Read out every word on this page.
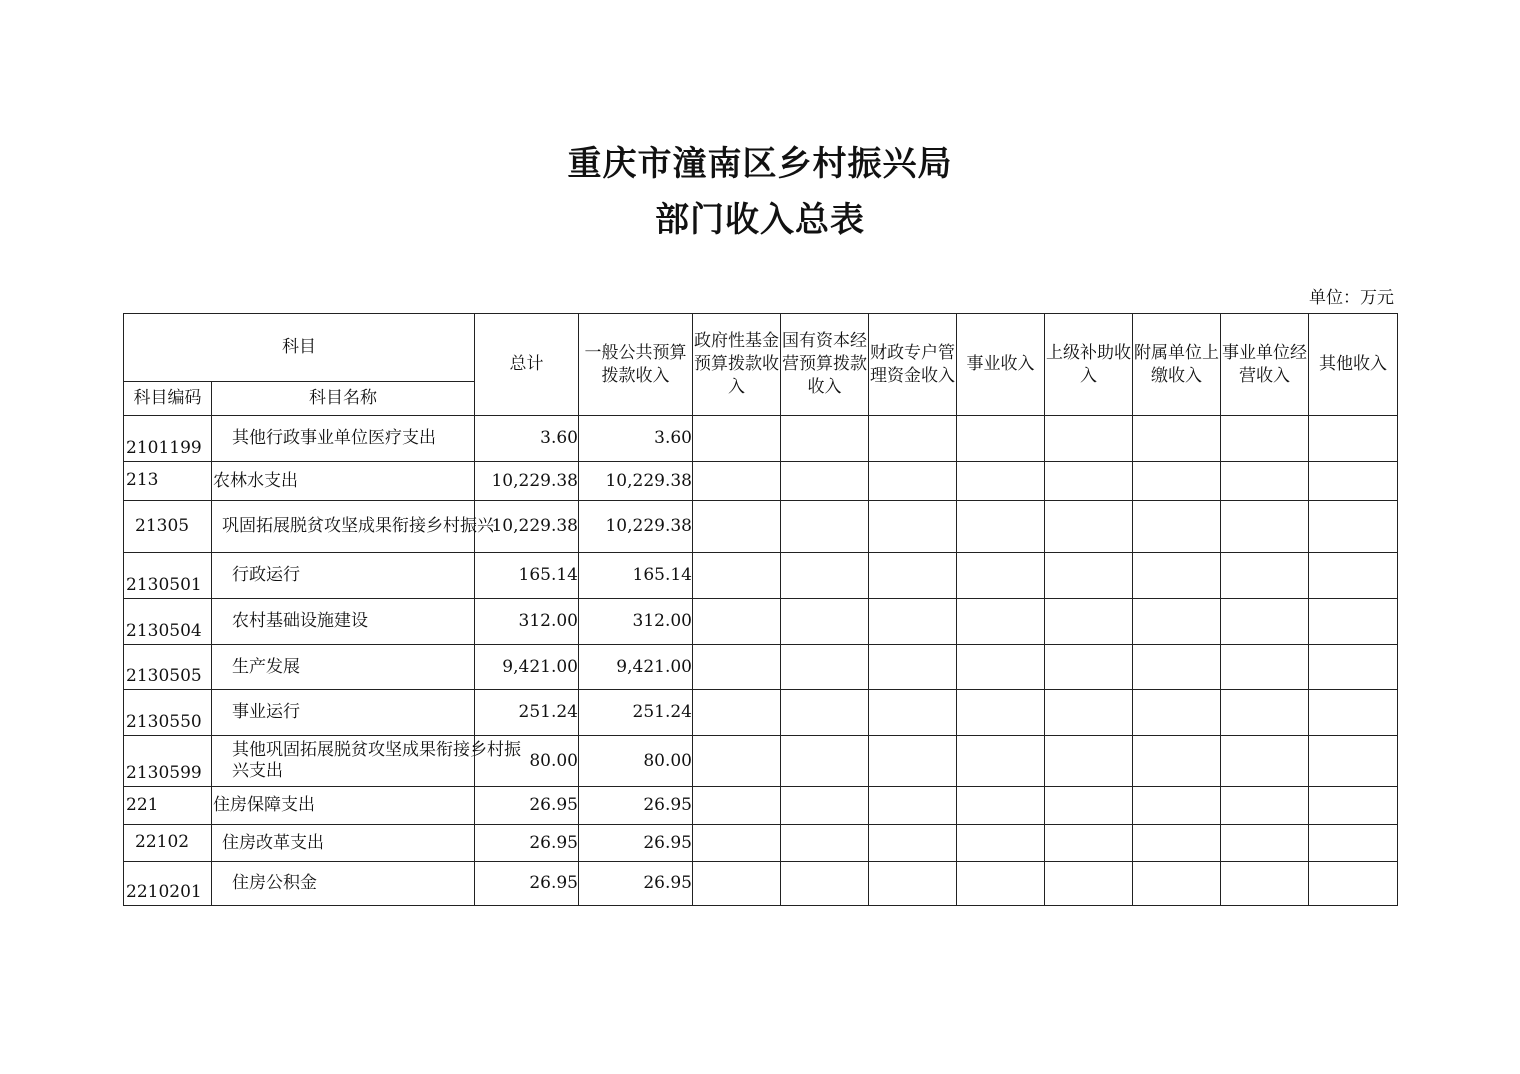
重庆市潼南区乡村振兴局
部门收入总表
单位：万元
科目		总计	一般公共预算拨款收入	政府性基金预算拨款收入	国有资本经营预算拨款收入	财政专户管理资金收入	事业收入	上级补助收入	附属单位上缴收入	事业单位经营收入	其他收入
科目编码	科目名称										
2101199	其他行政事业单位医疗支出	3.60	3.60								
213	农林水支出	10,229.38	10,229.38								
21305	巩固拓展脱贫攻坚成果衔接乡村振兴	10,229.38	10,229.38								
2130501	行政运行	165.14	165.14								
2130504	农村基础设施建设	312.00	312.00								
2130505	生产发展	9,421.00	9,421.00								
2130550	事业运行	251.24	251.24								
2130599	其他巩固拓展脱贫攻坚成果衔接乡村振兴支出	80.00	80.00								
221	住房保障支出	26.95	26.95								
22102	住房改革支出	26.95	26.95								
2210201	住房公积金	26.95	26.95								
